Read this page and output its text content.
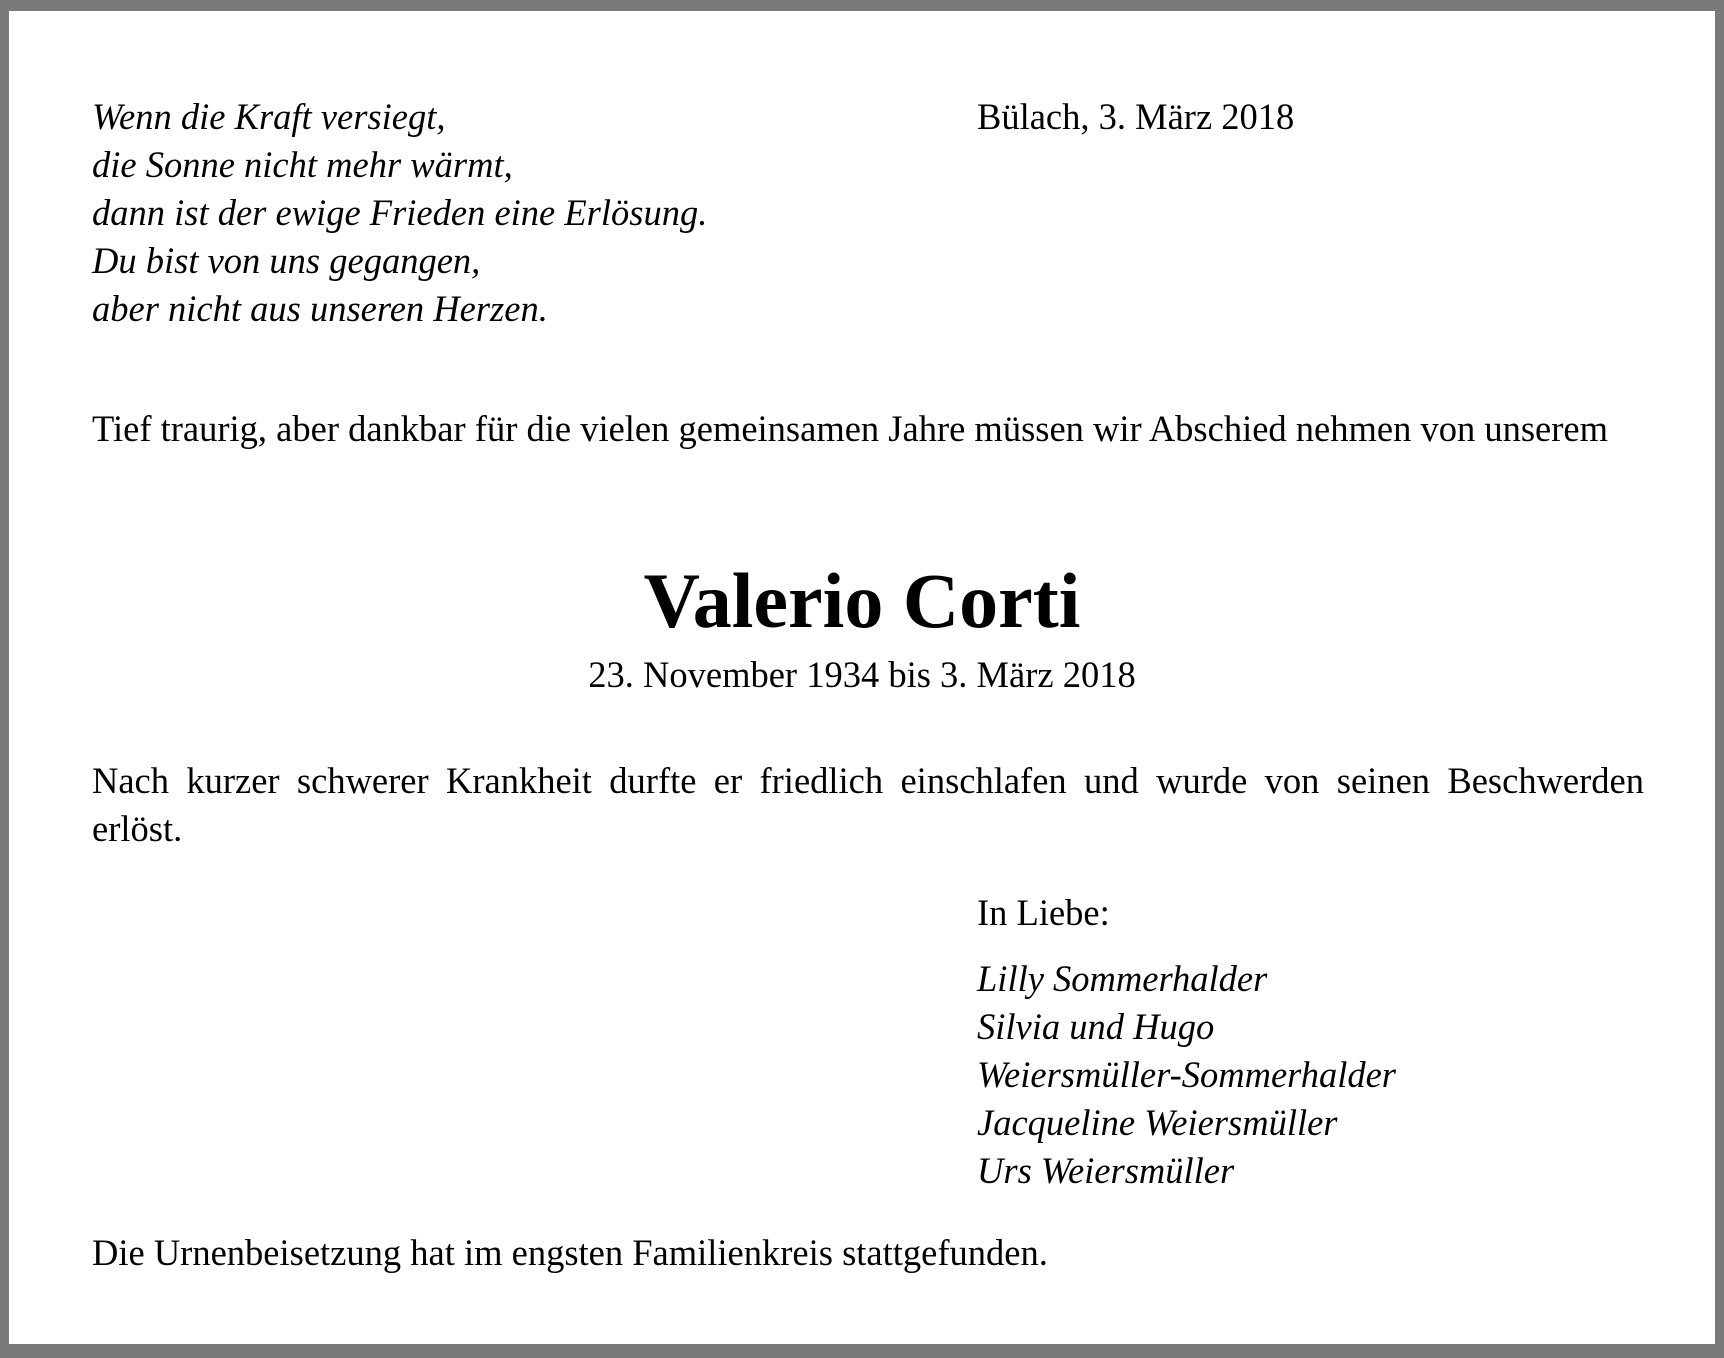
Wenn die Kraft versiegt,
die Sonne nicht mehr wärmt,
dann ist der ewige Frieden eine Erlösung.
Du bist von uns gegangen,
aber nicht aus unseren Herzen.
Bülach, 3. März 2018
Tief traurig, aber dankbar für die vielen gemeinsamen Jahre müssen wir Abschied nehmen von unserem
Valerio Corti
23. November 1934 bis 3. März 2018
Nach kurzer schwerer Krankheit durfte er friedlich einschlafen und wurde von seinen Beschwerden erlöst.
In Liebe:
Lilly Sommerhalder
Silvia und Hugo
Weiersmüller-Sommerhalder
Jacqueline Weiersmüller
Urs Weiersmüller
Die Urnenbeisetzung hat im engsten Familienkreis stattgefunden.
